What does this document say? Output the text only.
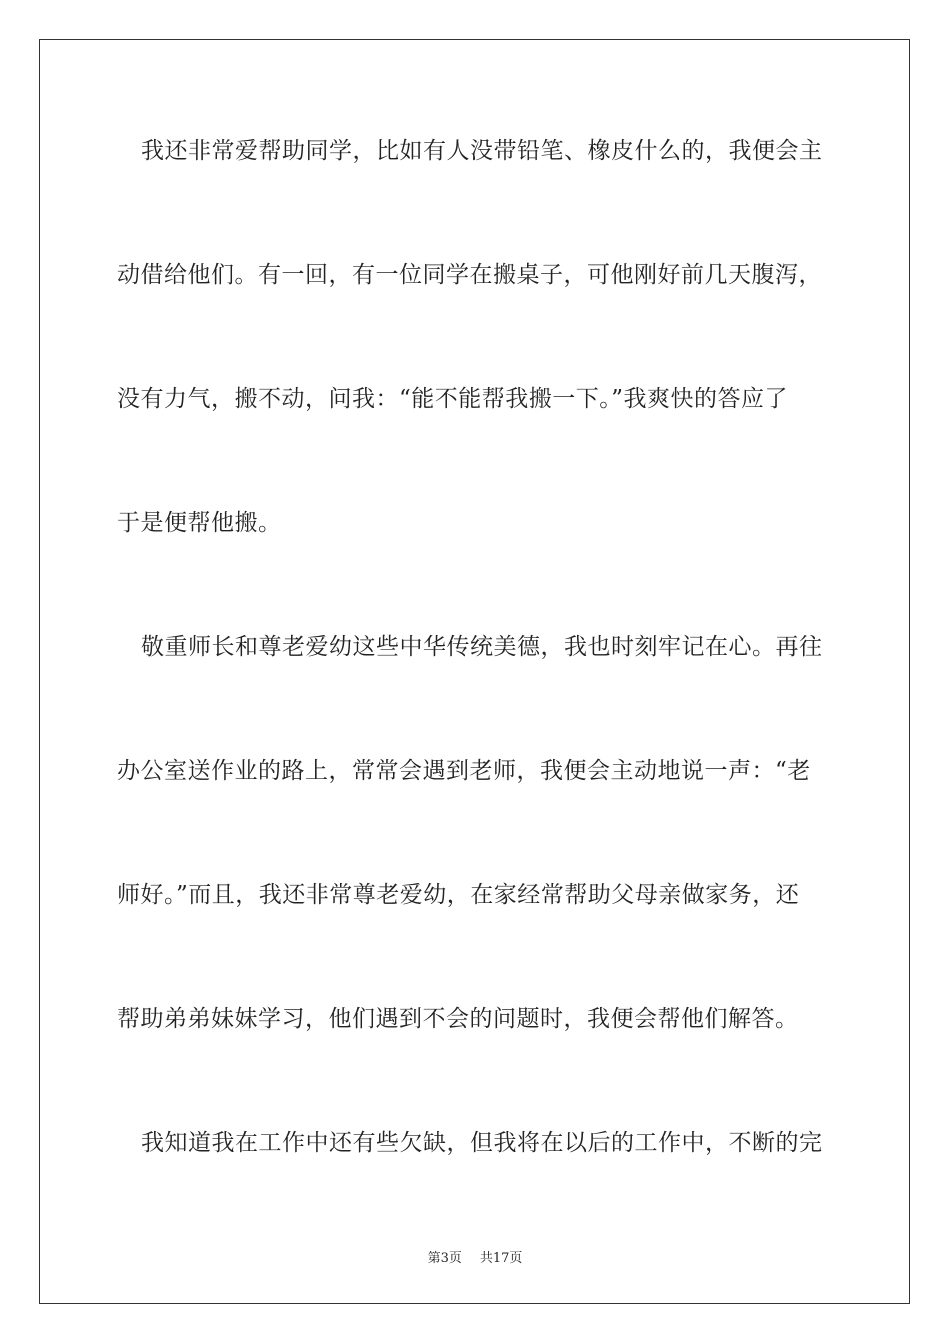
我还非常爱帮助同学，比如有人没带铅笔、橡皮什么的，我便会主
动借给他们。有一回，有一位同学在搬桌子，可他刚好前几天腹泻，
没有力气，搬不动，问我：“能不能帮我搬一下。”我爽快的答应了
于是便帮他搬。
敬重师长和尊老爱幼这些中华传统美德，我也时刻牢记在心。再往
办公室送作业的路上，常常会遇到老师，我便会主动地说一声：“老
师好。”而且，我还非常尊老爱幼，在家经常帮助父母亲做家务，还
帮助弟弟妹妹学习，他们遇到不会的问题时，我便会帮他们解答。
我知道我在工作中还有些欠缺，但我将在以后的工作中，不断的完
第3页 共17页
